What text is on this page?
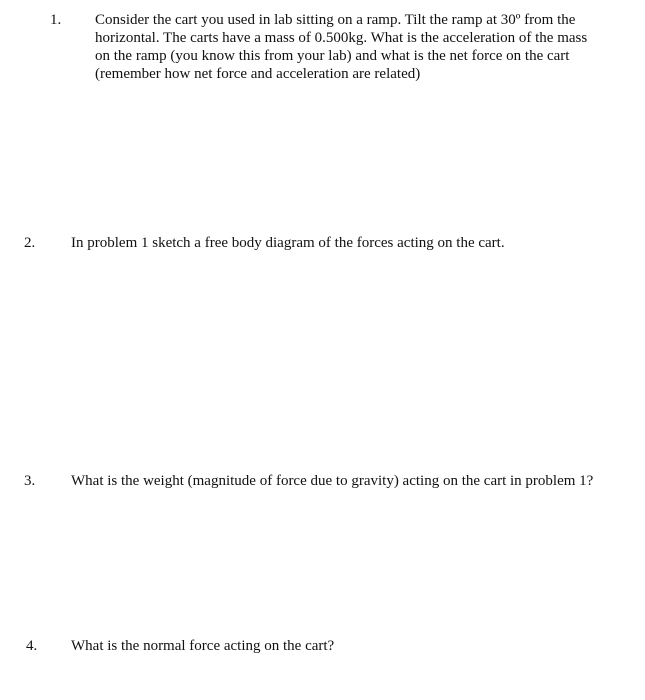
1. Consider the cart you used in lab sitting on a ramp. Tilt the ramp at 30º from the
horizontal. The carts have a mass of 0.500kg. What is the acceleration of the mass
on the ramp (you know this from your lab) and what is the net force on the cart
(remember how net force and acceleration are related)
2. In problem 1 sketch a free body diagram of the forces acting on the cart.
3. What is the weight (magnitude of force due to gravity) acting on the cart in problem 1?
4. What is the normal force acting on the cart?
